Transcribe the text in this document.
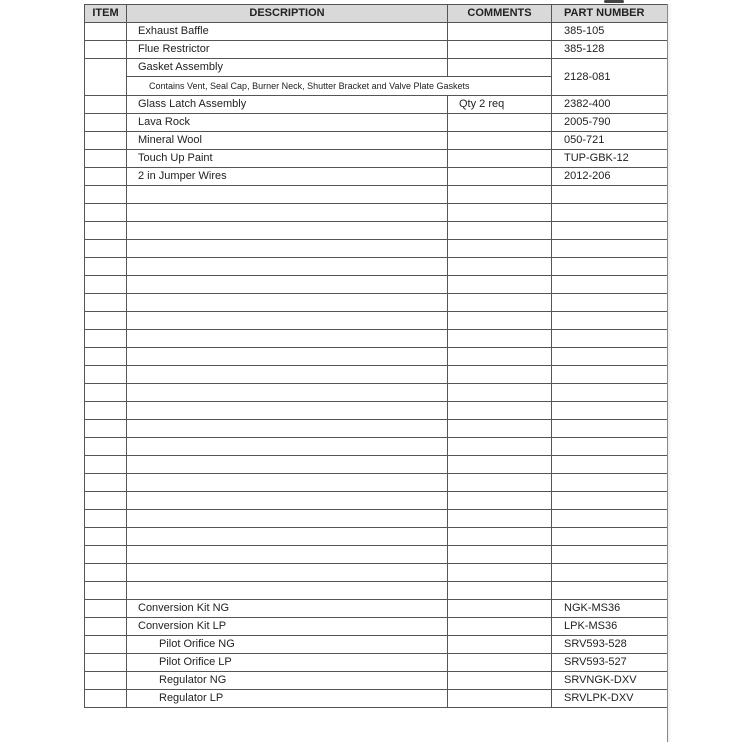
ITEM	DESCRIPTION	COMMENTS	PART NUMBER
	Exhaust Baffle		385-105
	Flue Restrictor		385-128
	Gasket Assembly		2128-081
	Contains Vent, Seal Cap, Burner Neck, Shutter Bracket and Valve Plate Gaskets		
	Glass Latch Assembly	Qty 2 req	2382-400
	Lava Rock		2005-790
	Mineral Wool		050-721
	Touch Up Paint		TUP-GBK-12
	2 in Jumper Wires		2012-206

	Conversion Kit NG		NGK-MS36
	Conversion Kit LP		LPK-MS36
	Pilot Orifice NG		SRV593-528
	Pilot Orifice LP		SRV593-527
	Regulator NG		SRVNGK-DXV
	Regulator LP		SRVLPK-DXV
